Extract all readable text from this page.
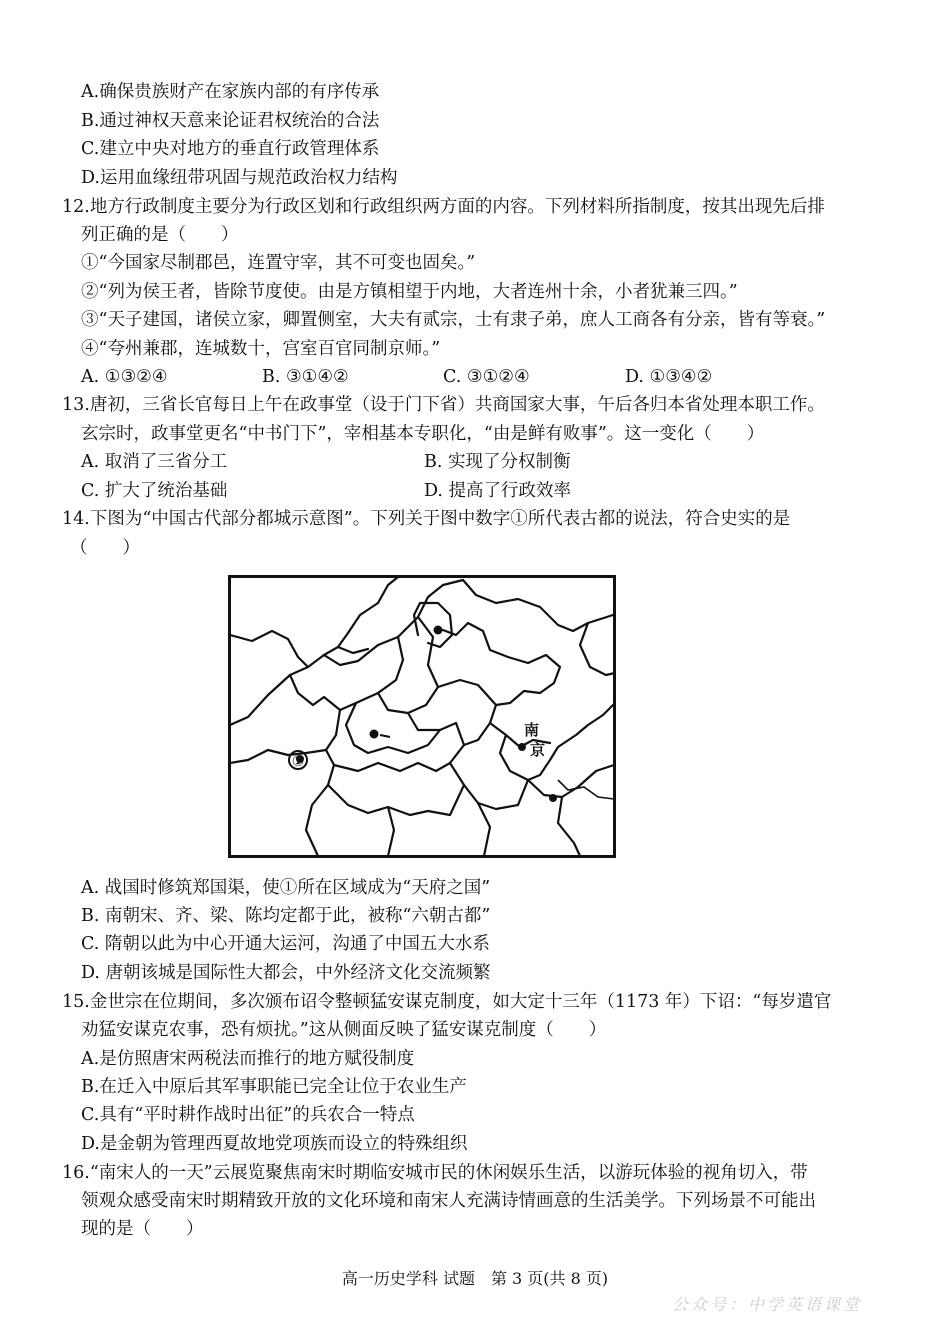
A.确保贵族财产在家族内部的有序传承
B.通过神权天意来论证君权统治的合法
C.建立中央对地方的垂直行政管理体系
D.运用血缘纽带巩固与规范政治权力结构
12.地方行政制度主要分为行政区划和行政组织两方面的内容。下列材料所指制度，按其出现先后排
列正确的是（　　）
①“今国家尽制郡邑，连置守宰，其不可变也固矣。”
②“列为侯王者，皆除节度使。由是方镇相望于内地，大者连州十余，小者犹兼三四。”
③“天子建国，诸侯立家，卿置侧室，大夫有贰宗，士有隶子弟，庶人工商各有分亲，皆有等衰。”
④“夸州兼郡，连城数十，宫室百官同制京师。”
A. ①③②④	B. ③①④②	C. ③①②④	D. ①③④②
13.唐初，三省长官每日上午在政事堂（设于门下省）共商国家大事，午后各归本省处理本职工作。
玄宗时，政事堂更名“中书门下”，宰相基本专职化，“由是鲜有败事”。这一变化（　　）
A. 取消了三省分工	B. 实现了分权制衡
C. 扩大了统治基础	D. 提高了行政效率
14.下图为“中国古代部分都城示意图”。下列关于图中数字①所代表古都的说法，符合史实的是
（　　）
①
南
京
A. 战国时修筑郑国渠，使①所在区域成为“天府之国”
B. 南朝宋、齐、梁、陈均定都于此，被称“六朝古都”
C. 隋朝以此为中心开通大运河，沟通了中国五大水系
D. 唐朝该城是国际性大都会，中外经济文化交流频繁
15.金世宗在位期间，多次颁布诏令整顿猛安谋克制度，如大定十三年（1173 年）下诏：“每岁遣官
劝猛安谋克农事，恐有烦扰。”这从侧面反映了猛安谋克制度（　　）
A.是仿照唐宋两税法而推行的地方赋役制度
B.在迁入中原后其军事职能已完全让位于农业生产
C.具有“平时耕作战时出征”的兵农合一特点
D.是金朝为管理西夏故地党项族而设立的特殊组织
16.“南宋人的一天”云展览聚焦南宋时期临安城市民的休闲娱乐生活，以游玩体验的视角切入，带
领观众感受南宋时期精致开放的文化环境和南宋人充满诗情画意的生活美学。下列场景不可能出
现的是（　　）
高一历史学科 试题　第 3 页(共 8 页)
公众号：中学英语课堂
